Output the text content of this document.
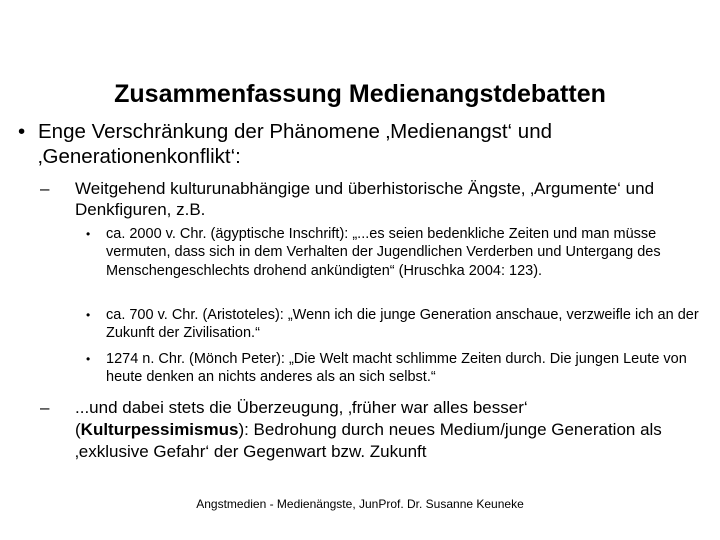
Zusammenfassung Medienangstdebatten
• Enge Verschränkung der Phänomene ‚Medienangst‘ und ‚Generationenkonflikt‘:
– Weitgehend kulturunabhängige und überhistorische Ängste, ‚Argumente‘ und Denkfiguren, z.B.
• ca. 2000 v. Chr. (ägyptische Inschrift): „...es seien bedenkliche Zeiten und man müsse vermuten, dass sich in dem Verhalten der Jugendlichen Verderben und Untergang des Menschengeschlechts drohend ankündigten“ (Hruschka 2004: 123).
• ca. 700 v. Chr. (Aristoteles): „Wenn ich die junge Generation anschaue, verzweifle ich an der Zukunft der Zivilisation.“
• 1274 n. Chr. (Mönch Peter): „Die Welt macht schlimme Zeiten durch. Die jungen Leute von heute denken an nichts anderes als an sich selbst.“
– ...und dabei stets die Überzeugung, ‚früher war alles besser‘ (Kulturpessimismus): Bedrohung durch neues Medium/junge Generation als ‚exklusive Gefahr‘ der Gegenwart bzw. Zukunft
Angstmedien - Medienängste, JunProf. Dr. Susanne Keuneke
